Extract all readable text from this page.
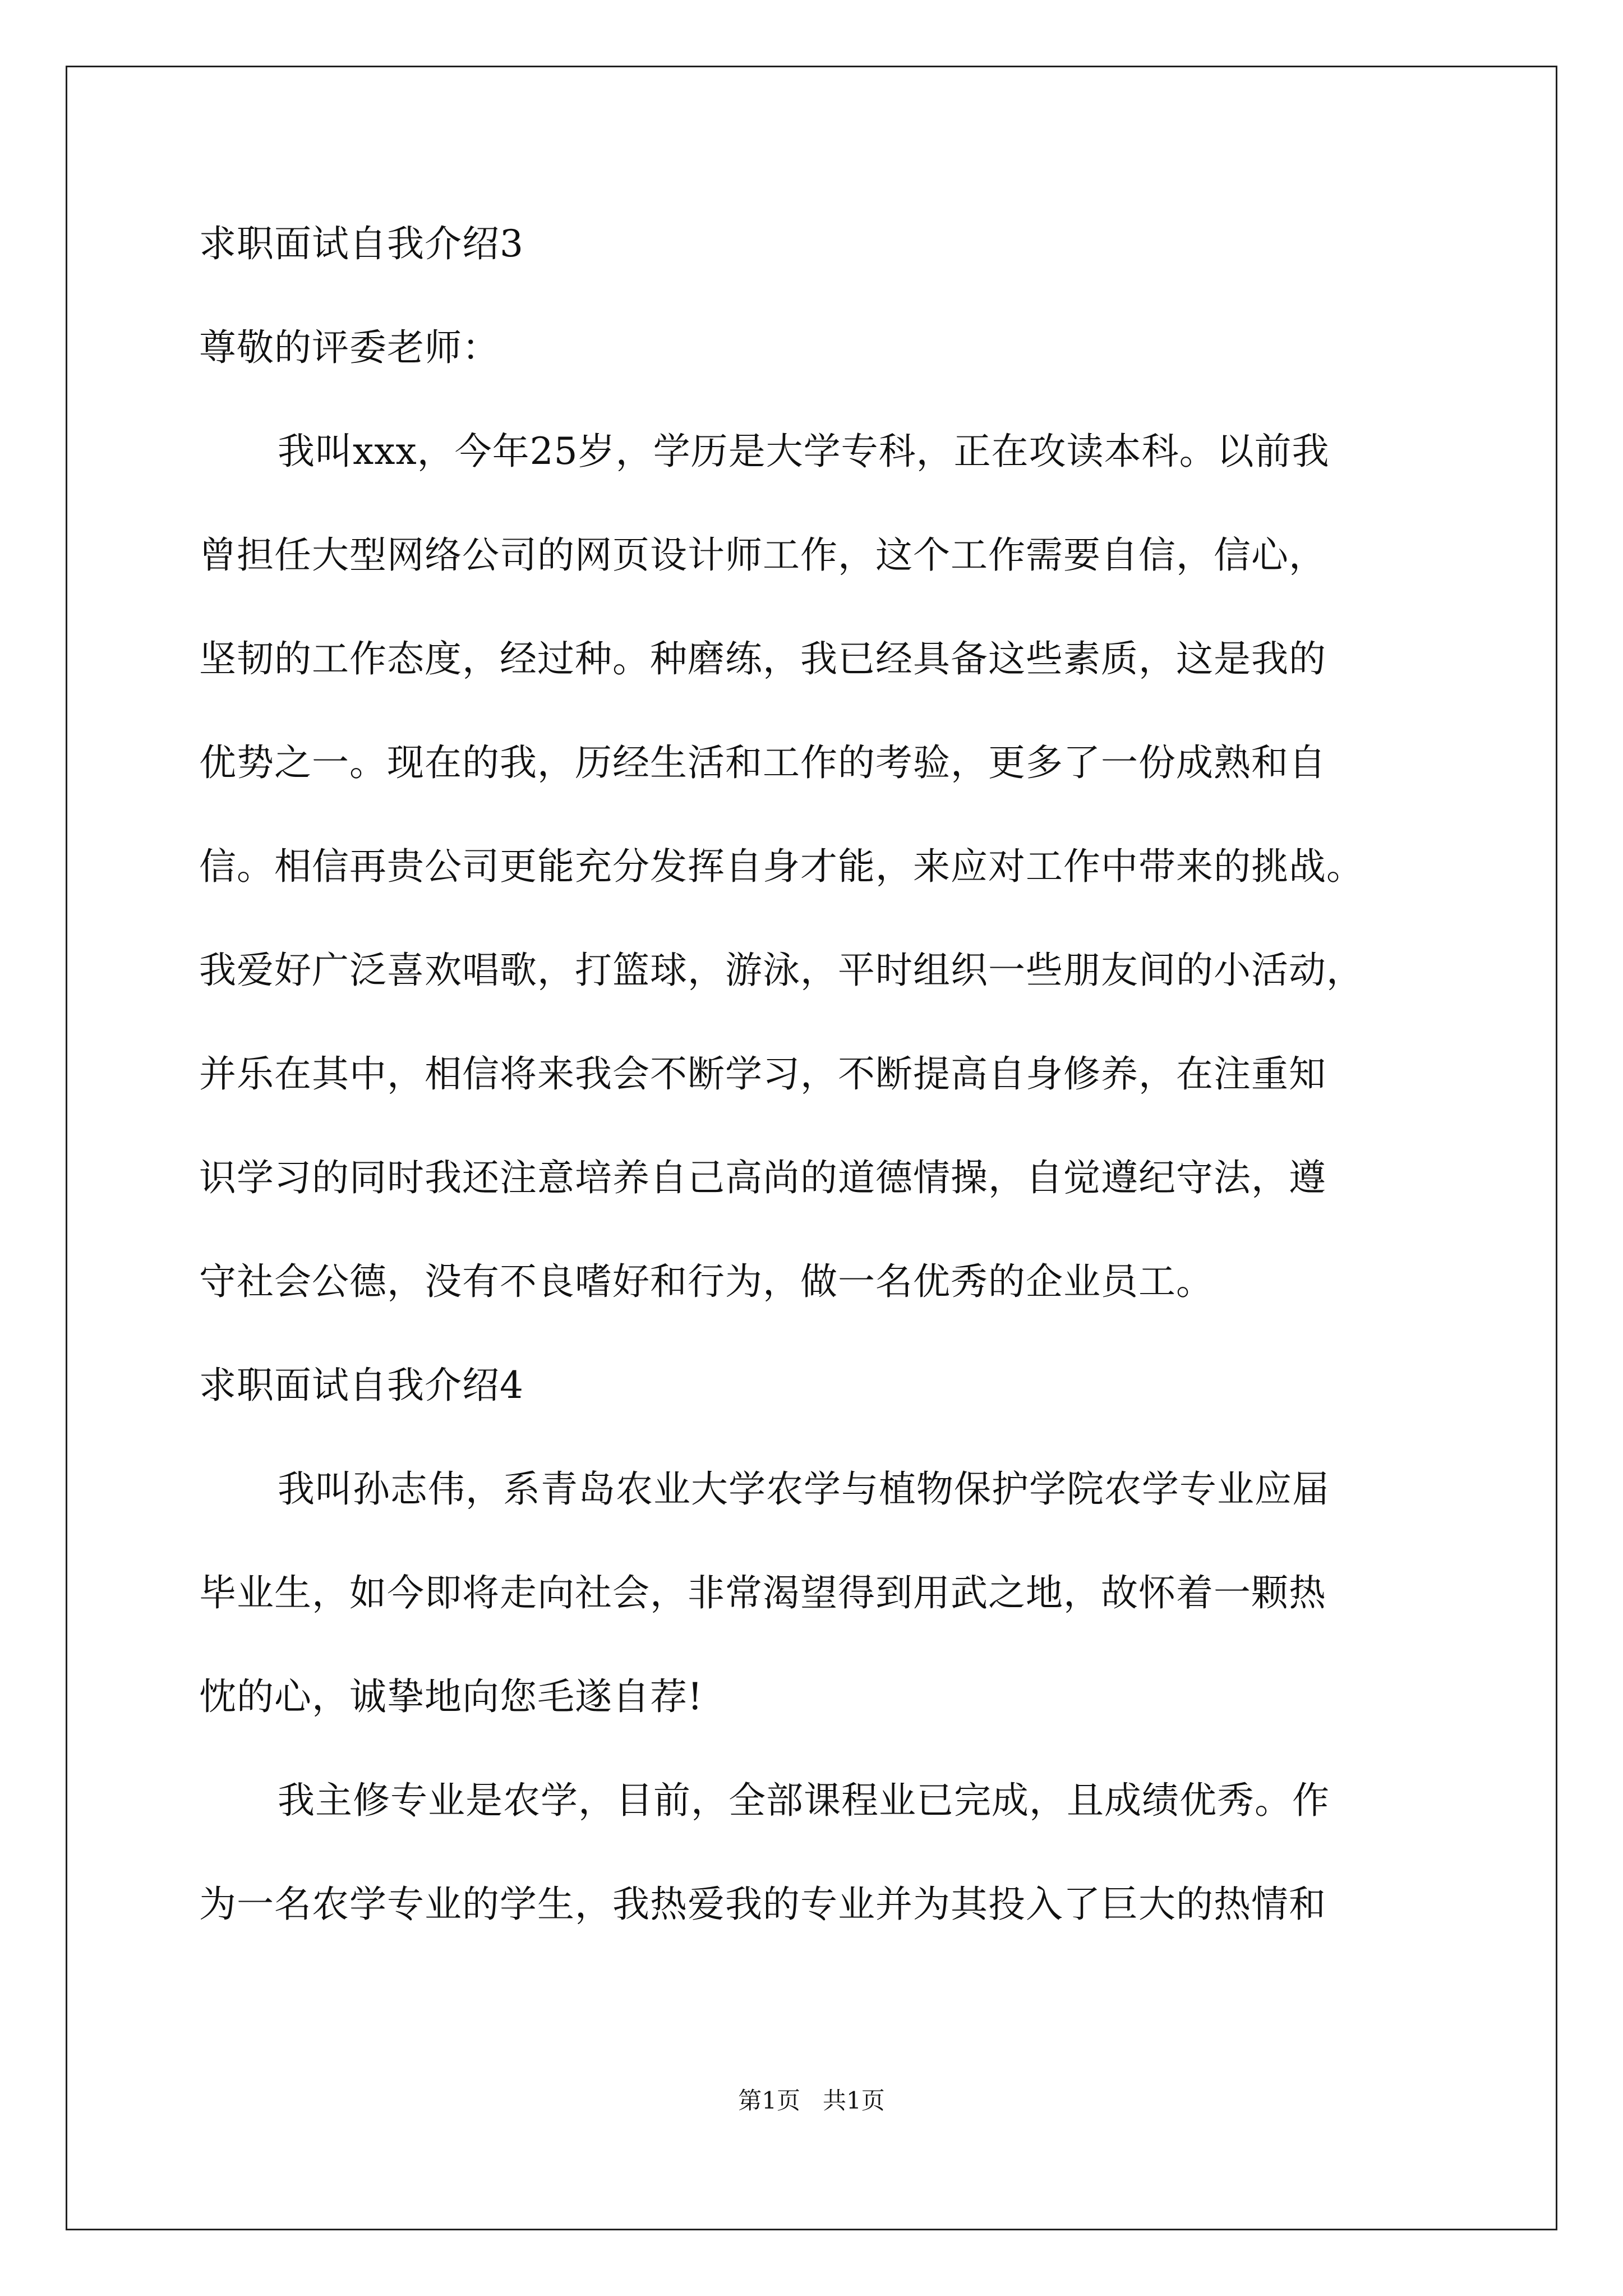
求职面试自我介绍3
尊敬的评委老师：
我叫xxx，今年25岁，学历是大学专科，正在攻读本科。以前我
曾担任大型网络公司的网页设计师工作，这个工作需要自信，信心，
坚韧的工作态度，经过种。种磨练，我已经具备这些素质，这是我的
优势之一。现在的我，历经生活和工作的考验，更多了一份成熟和自
信。相信再贵公司更能充分发挥自身才能，来应对工作中带来的挑战。
我爱好广泛喜欢唱歌，打篮球，游泳，平时组织一些朋友间的小活动，
并乐在其中，相信将来我会不断学习，不断提高自身修养，在注重知
识学习的同时我还注意培养自己高尚的道德情操，自觉遵纪守法，遵
守社会公德，没有不良嗜好和行为，做一名优秀的企业员工。
求职面试自我介绍4
我叫孙志伟，系青岛农业大学农学与植物保护学院农学专业应届
毕业生，如今即将走向社会，非常渴望得到用武之地，故怀着一颗热
忱的心，诚挚地向您毛遂自荐!
我主修专业是农学，目前，全部课程业已完成，且成绩优秀。作
为一名农学专业的学生，我热爱我的专业并为其投入了巨大的热情和
第1页   共1页
